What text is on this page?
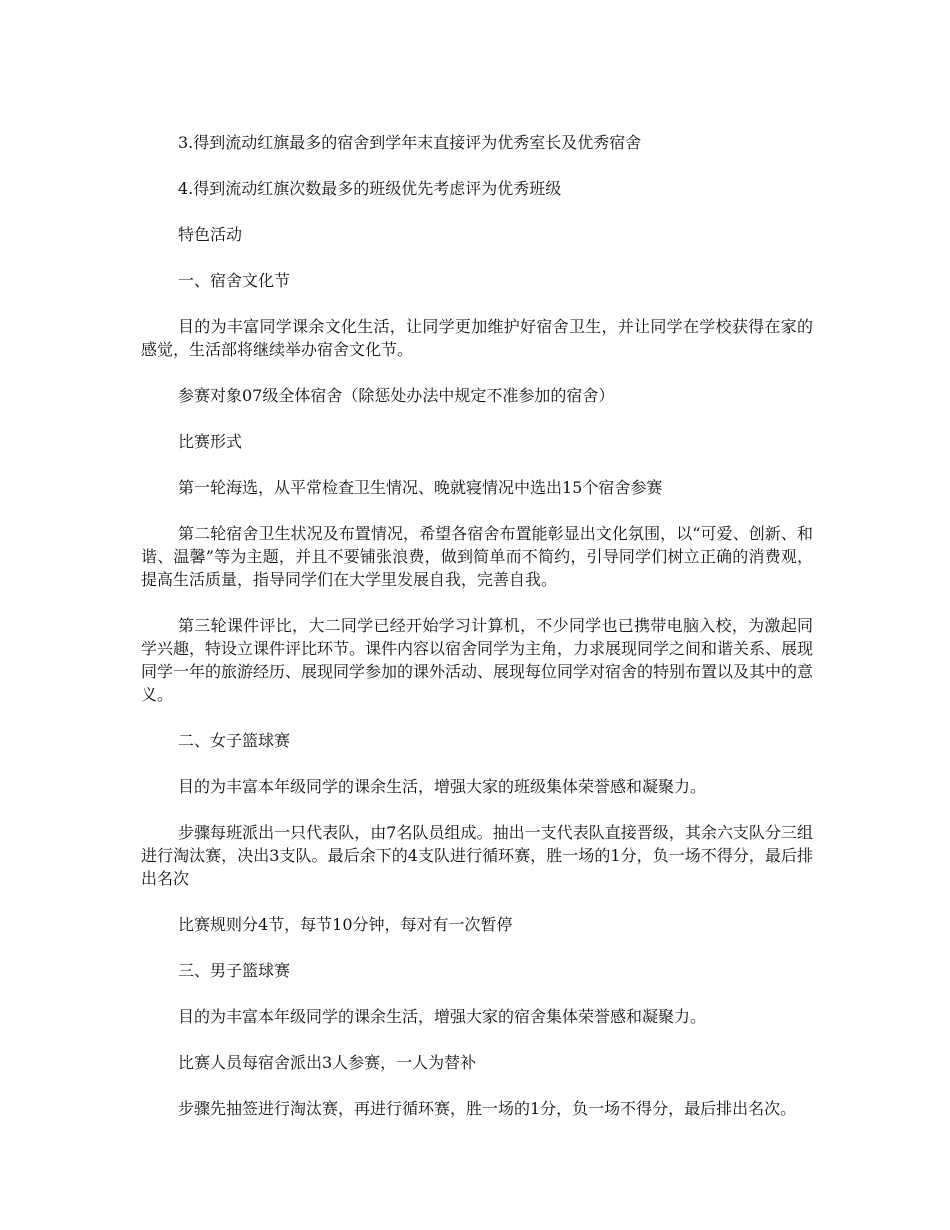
3.得到流动红旗最多的宿舍到学年末直接评为优秀室长及优秀宿舍

4.得到流动红旗次数最多的班级优先考虑评为优秀班级

特色活动

一、宿舍文化节

目的为丰富同学课余文化生活，让同学更加维护好宿舍卫生，并让同学在学校获得在家的感觉，生活部将继续举办宿舍文化节。

参赛对象07级全体宿舍（除惩处办法中规定不准参加的宿舍）

比赛形式

第一轮海选，从平常检查卫生情况、晚就寝情况中选出15个宿舍参赛

第二轮宿舍卫生状况及布置情况，希望各宿舍布置能彰显出文化氛围，以“可爱、创新、和谐、温馨”等为主题，并且不要铺张浪费，做到简单而不简约，引导同学们树立正确的消费观，提高生活质量，指导同学们在大学里发展自我，完善自我。

第三轮课件评比，大二同学已经开始学习计算机，不少同学也已携带电脑入校，为激起同学兴趣，特设立课件评比环节。课件内容以宿舍同学为主角，力求展现同学之间和谐关系、展现同学一年的旅游经历、展现同学参加的课外活动、展现每位同学对宿舍的特别布置以及其中的意义。

二、女子篮球赛

目的为丰富本年级同学的课余生活，增强大家的班级集体荣誉感和凝聚力。

步骤每班派出一只代表队，由7名队员组成。抽出一支代表队直接晋级，其余六支队分三组进行淘汰赛，决出3支队。最后余下的4支队进行循环赛，胜一场的1分，负一场不得分，最后排出名次

比赛规则分4节，每节10分钟，每对有一次暂停

三、男子篮球赛

目的为丰富本年级同学的课余生活，增强大家的宿舍集体荣誉感和凝聚力。

比赛人员每宿舍派出3人参赛，一人为替补

步骤先抽签进行淘汰赛，再进行循环赛，胜一场的1分，负一场不得分，最后排出名次。
